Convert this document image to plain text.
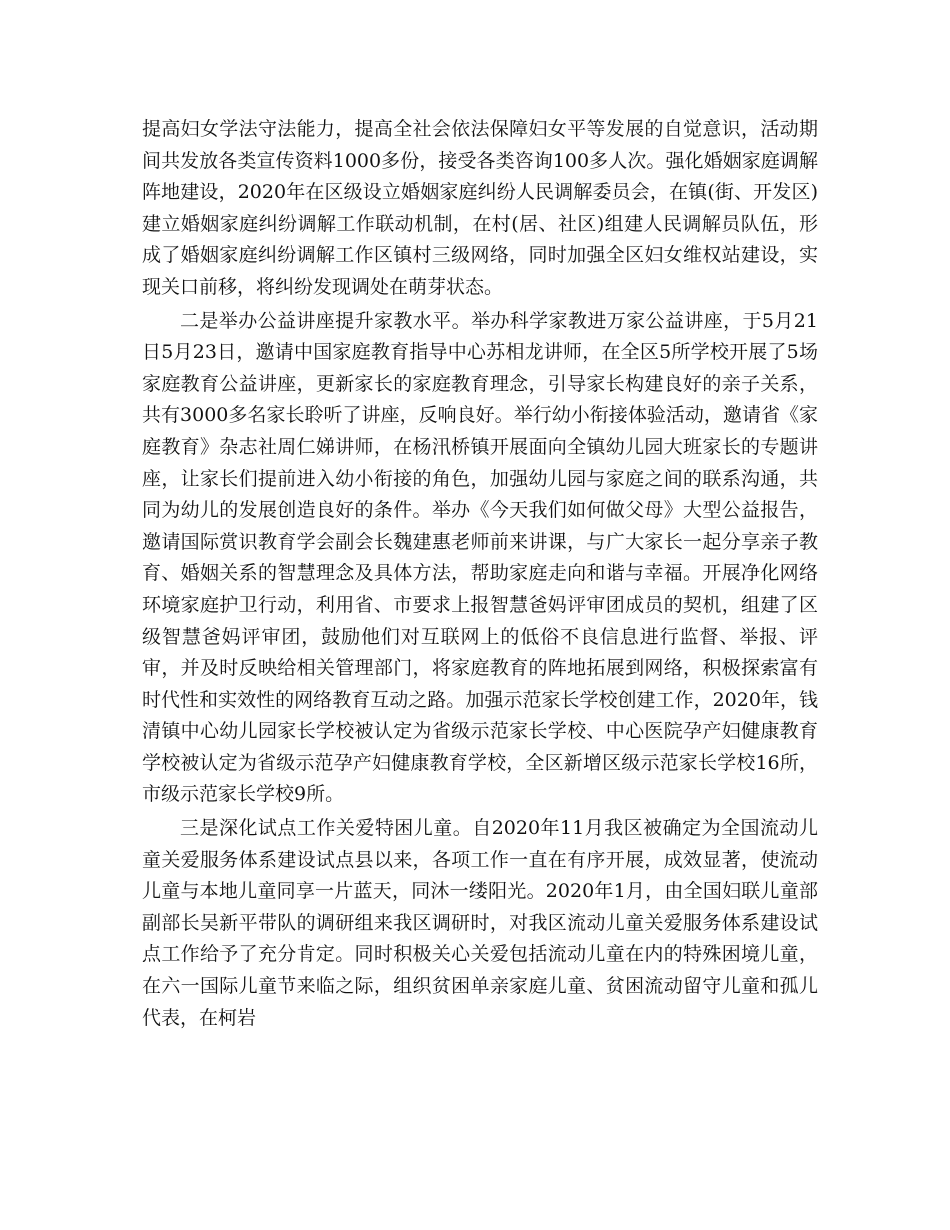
提高妇女学法守法能力，提高全社会依法保障妇女平等发展的自觉意识，活动期间共发放各类宣传资料1000多份，接受各类咨询100多人次。强化婚姻家庭调解阵地建设，2020年在区级设立婚姻家庭纠纷人民调解委员会，在镇(街、开发区)建立婚姻家庭纠纷调解工作联动机制，在村(居、社区)组建人民调解员队伍，形成了婚姻家庭纠纷调解工作区镇村三级网络，同时加强全区妇女维权站建设，实现关口前移，将纠纷发现调处在萌芽状态。

二是举办公益讲座提升家教水平。举办科学家教进万家公益讲座，于5月21日5月23日，邀请中国家庭教育指导中心苏相龙讲师，在全区5所学校开展了5场家庭教育公益讲座，更新家长的家庭教育理念，引导家长构建良好的亲子关系，共有3000多名家长聆听了讲座，反响良好。举行幼小衔接体验活动，邀请省《家庭教育》杂志社周仁娣讲师，在杨汛桥镇开展面向全镇幼儿园大班家长的专题讲座，让家长们提前进入幼小衔接的角色，加强幼儿园与家庭之间的联系沟通，共同为幼儿的发展创造良好的条件。举办《今天我们如何做父母》大型公益报告，邀请国际赏识教育学会副会长魏建惠老师前来讲课，与广大家长一起分享亲子教育、婚姻关系的智慧理念及具体方法，帮助家庭走向和谐与幸福。开展净化网络环境家庭护卫行动，利用省、市要求上报智慧爸妈评审团成员的契机，组建了区级智慧爸妈评审团，鼓励他们对互联网上的低俗不良信息进行监督、举报、评审，并及时反映给相关管理部门，将家庭教育的阵地拓展到网络，积极探索富有时代性和实效性的网络教育互动之路。加强示范家长学校创建工作，2020年，钱清镇中心幼儿园家长学校被认定为省级示范家长学校、中心医院孕产妇健康教育学校被认定为省级示范孕产妇健康教育学校，全区新增区级示范家长学校16所，市级示范家长学校9所。

三是深化试点工作关爱特困儿童。自2020年11月我区被确定为全国流动儿童关爱服务体系建设试点县以来，各项工作一直在有序开展，成效显著，使流动儿童与本地儿童同享一片蓝天，同沐一缕阳光。2020年1月，由全国妇联儿童部副部长吴新平带队的调研组来我区调研时，对我区流动儿童关爱服务体系建设试点工作给予了充分肯定。同时积极关心关爱包括流动儿童在内的特殊困境儿童，在六一国际儿童节来临之际，组织贫困单亲家庭儿童、贫困流动留守儿童和孤儿代表，在柯岩
